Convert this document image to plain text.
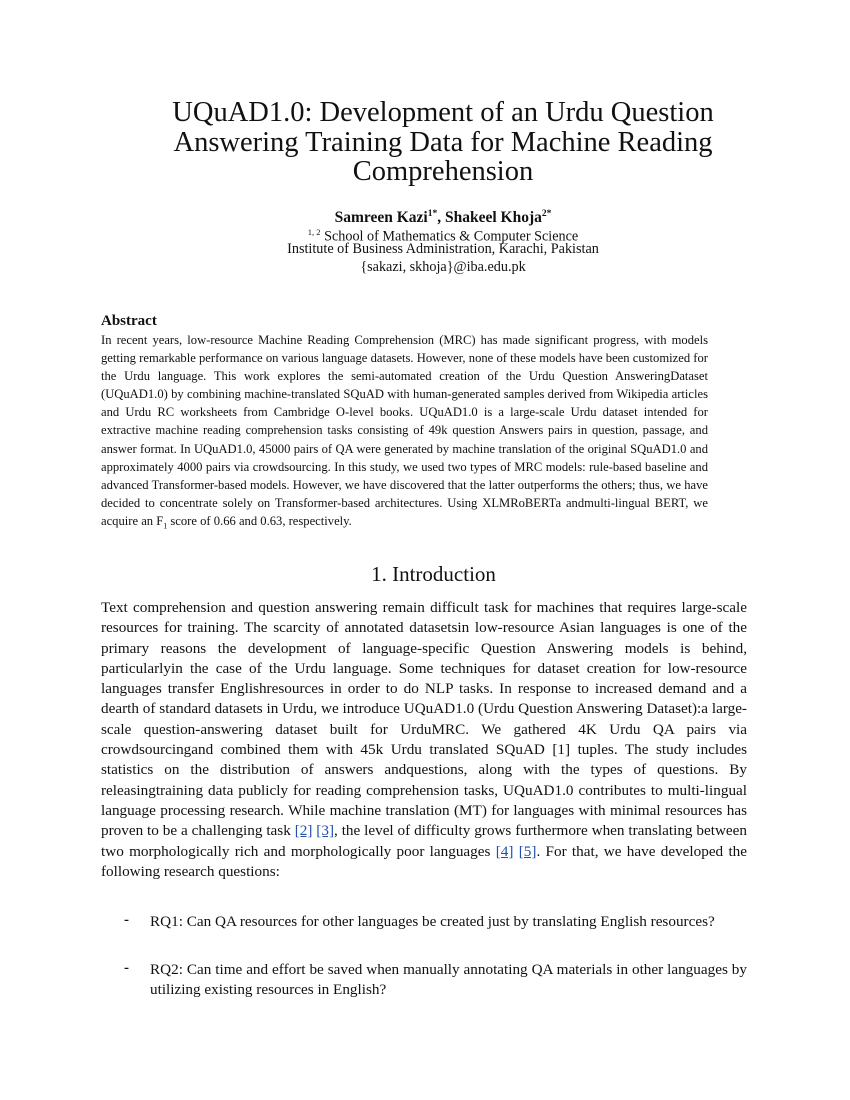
UQuAD1.0: Development of an Urdu Question Answering Training Data for Machine Reading Comprehension
Samreen Kazi$^{1*}$, Shakeel Khoja$^{2*}$
$^{1, 2}$ School of Mathematics & Computer Science
Institute of Business Administration, Karachi, Pakistan
{sakazi, skhoja}@iba.edu.pk
Abstract
In recent years, low-resource Machine Reading Comprehension (MRC) has made significant progress, with models getting remarkable performance on various language datasets. However, none of these models have been customized for the Urdu language. This work explores the semi-automated creation of the Urdu Question AnsweringDataset (UQuAD1.0) by combining machine-translated SQuAD with human-generated samples derived from Wikipedia articles and Urdu RC worksheets from Cambridge O-level books. UQuAD1.0 is a large-scale Urdu dataset intended for extractive machine reading comprehension tasks consisting of 49k question Answers pairs in question, passage, and answer format. In UQuAD1.0, 45000 pairs of QA were generated by machine translation of the original SQuAD1.0 and approximately 4000 pairs via crowdsourcing. In this study, we used two types of MRC models: rule-based baseline and advanced Transformer-based models. However, we have discovered that the latter outperforms the others; thus, we have decided to concentrate solely on Transformer-based architectures. Using XLMRoBERTa andmulti-lingual BERT, we acquire an $F_1$ score of 0.66 and 0.63, respectively.
1. Introduction
Text comprehension and question answering remain difficult task for machines that requires large-scale resources for training. The scarcity of annotated datasetsin low-resource Asian languages is one of the primary reasons the development of language-specific Question Answering models is behind, particularlyin the case of the Urdu language. Some techniques for dataset creation for low-resource languages transfer Englishresources in order to do NLP tasks. In response to increased demand and a dearth of standard datasets in Urdu, we introduce UQuAD1.0 (Urdu Question Answering Dataset):a large-scale question-answering dataset built for UrduMRC. We gathered 4K Urdu QA pairs via crowdsourcingand combined them with 45k Urdu translated SQuAD [1] tuples. The study includes statistics on the distribution of answers andquestions, along with the types of questions. By releasingtraining data publicly for reading comprehension tasks, UQuAD1.0 contributes to multi-lingual language processing research. While machine translation (MT) for languages with minimal resources has proven to be a challenging task [2] [3], the level of difficulty grows furthermore when translating between two morphologically rich and morphologically poor languages [4] [5]. For that, we have developed the following research questions:
- RQ1: Can QA resources for other languages be created just by translating English resources?
- RQ2: Can time and effort be saved when manually annotating QA materials in other languages by utilizing existing resources in English?
